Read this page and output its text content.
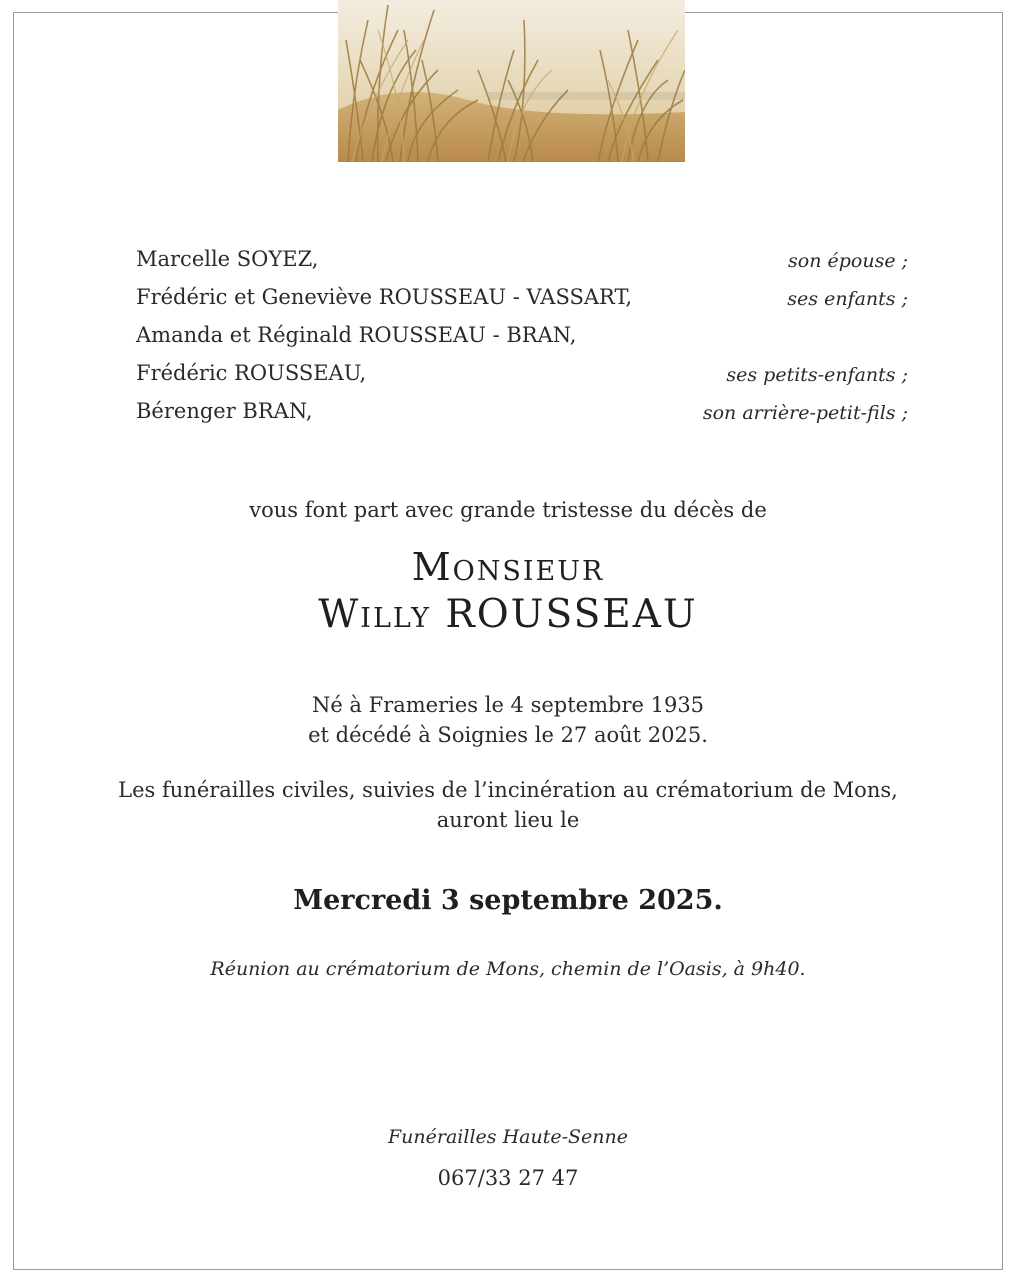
Marcelle SOYEZ,	son épouse ;
Frédéric et Geneviève ROUSSEAU - VASSART,	ses enfants ;
Amanda et Réginald ROUSSEAU - BRAN,
Frédéric ROUSSEAU,	ses petits-enfants ;
Bérenger BRAN,	son arrière-petit-fils ;
vous font part avec grande tristesse du décès de
Monsieur
Willy ROUSSEAU
Né à Frameries le 4 septembre 1935
et décédé à Soignies le 27 août 2025.
Les funérailles civiles, suivies de l’incinération au crématorium de Mons,
auront lieu le
Mercredi 3 septembre 2025.
Réunion au crématorium de Mons, chemin de l’Oasis, à 9h40.
Funérailles Haute-Senne
067/33 27 47
